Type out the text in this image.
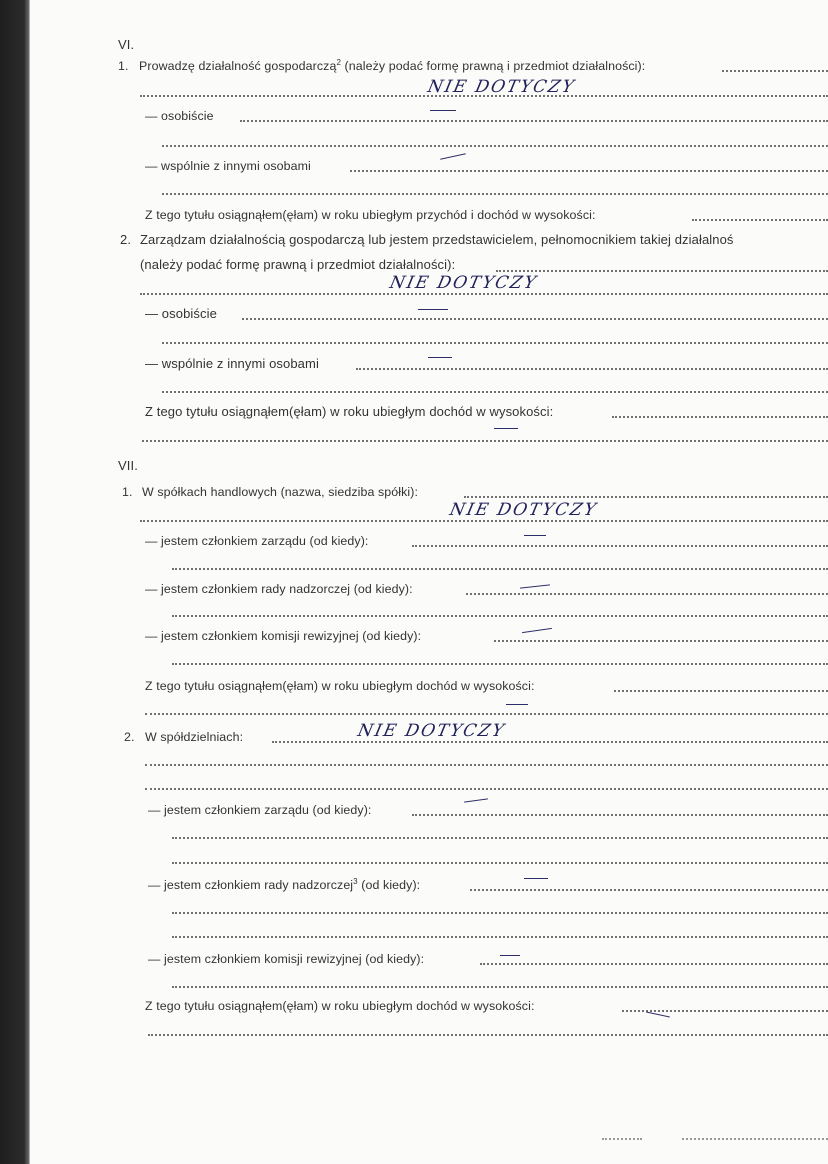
VI.
1. Prowadzę działalność gospodarczą$^2$ (należy podać formę prawną i przedmiot działalności):
NIE DOTYCZY
— osobiście
— wspólnie z innymi osobami
Z tego tytułu osiągnąłem(ęłam) w roku ubiegłym przychód i dochód w wysokości:
2. Zarządzam działalnością gospodarczą lub jestem przedstawicielem, pełnomocnikiem takiej działalnoś
(należy podać formę prawną i przedmiot działalności):
NIE DOTYCZY
— osobiście
— wspólnie z innymi osobami
Z tego tytułu osiągnąłem(ęłam) w roku ubiegłym dochód w wysokości:
VII.
1. W spółkach handlowych (nazwa, siedziba spółki):
NIE DOTYCZY
— jestem członkiem zarządu (od kiedy):
— jestem członkiem rady nadzorczej (od kiedy):
— jestem członkiem komisji rewizyjnej (od kiedy):
Z tego tytułu osiągnąłem(ęłam) w roku ubiegłym dochód w wysokości:
2. W spółdzielniach:	NIE DOTYCZY
— jestem członkiem zarządu (od kiedy):
— jestem członkiem rady nadzorczej$^3$ (od kiedy):
— jestem członkiem komisji rewizyjnej (od kiedy):
Z tego tytułu osiągnąłem(ęłam) w roku ubiegłym dochód w wysokości:
